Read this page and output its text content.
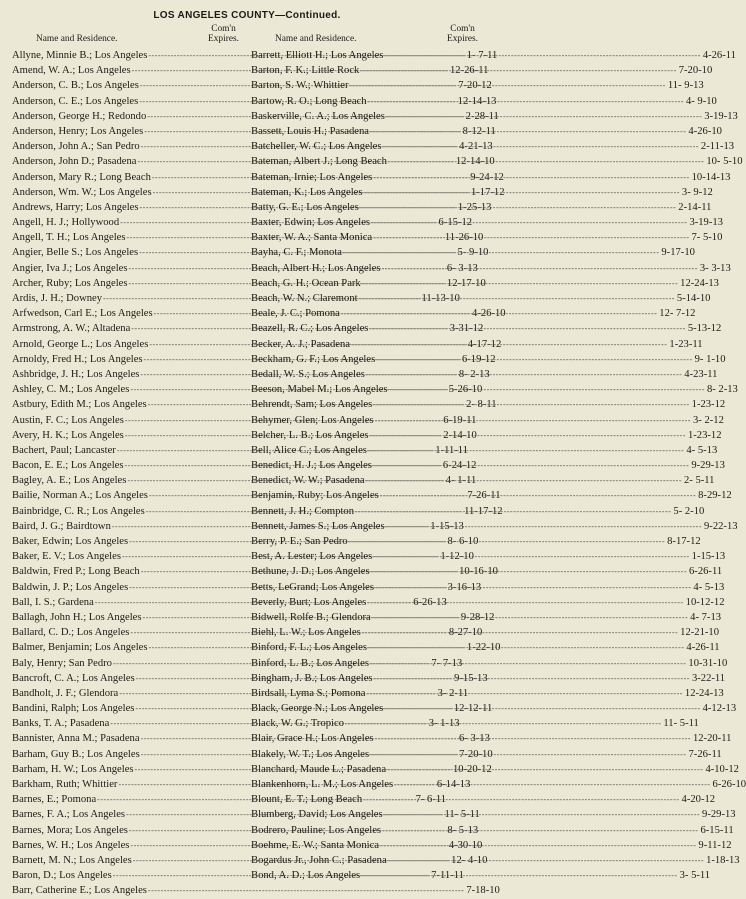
LOS ANGELES COUNTY—Continued.
Name and Residence.
Com'n
Expires.
Allyne, Minnie B.; Los Angeles -----	1- 7-11
Amend, W. A.; Los Angeles -----	12-26-11
Anderson, C. B.; Los Angeles -----	7-20-12
Anderson, C. E.; Los Angeles -----	12-14-13
Anderson, George H.; Redondo -----	2-28-11
Anderson, Henry; Los Angeles -----	8-12-11
Anderson, John A.; San Pedro -----	4-21-13
Anderson, John D.; Pasadena -----	12-14-10
Anderson, Mary R.; Long Beach -----	9-24-12
Anderson, Wm. W.; Los Angeles -----	1-17-12
Andrews, Harry; Los Angeles -----	1-25-13
Angell, H. J.; Hollywood -----	6-15-12
Angell, T. H.; Los Angeles -----	11-26-10
Angier, Belle S.; Los Angeles -----	5- 9-10
Angier, Iva J.; Los Angeles -----	6- 3-13
Archer, Ruby; Los Angeles -----	12-17-10
Ardis, J. H.; Downey -----	11-13-10
Arfwedson, Carl E.; Los Angeles -----	4-26-10
Armstrong, A. W.; Altadena -----	3-31-12
Arnold, George L.; Los Angeles -----	4-17-12
Arnoldy, Fred H.; Los Angeles -----	6-19-12
Ashbridge, J. H.; Los Angeles -----	8- 2-13
Ashley, C. M.; Los Angeles -----	5-26-10
Astbury, Edith M.; Los Angeles -----	2- 8-11
Austin, F. C.; Los Angeles -----	6-19-11
Avery, H. K.; Los Angeles -----	2-14-10
Bachert, Paul; Lancaster -----	1-11-11
Bacon, E. E.; Los Angeles -----	6-24-12
Bagley, A. E.; Los Angeles -----	4- 1-11
Bailie, Norman A.; Los Angeles -----	7-26-11
Bainbridge, C. R.; Los Angeles -----	11-17-12
Baird, J. G.; Bairdtown -----	1-15-13
Baker, Edwin; Los Angeles -----	8- 6-10
Baker, E. V.; Los Angeles -----	1-12-10
Baldwin, Fred P.; Long Beach -----	10-16-10
Baldwin, J. P.; Los Angeles -----	3-16-13
Ball, I. S.; Gardena -----	6-26-13
Ballagh, John H.; Los Angeles -----	9-28-12
Ballard, C. D.; Los Angeles -----	8-27-10
Balmer, Benjamin; Los Angeles -----	1-22-10
Baly, Henry; San Pedro -----	7- 7-13
Bancroft, C. A.; Los Angeles -----	9-15-13
Bandholt, J. F.; Glendora -----	3- 2-11
Bandini, Ralph; Los Angeles -----	12-12-11
Banks, T. A.; Pasadena -----	3- 1-13
Bannister, Anna M.; Pasadena -----	6- 3-13
Barham, Guy B.; Los Angeles -----	7-20-10
Barham, H. W.; Los Angeles -----	10-20-12
Barkham, Ruth; Whittier -----	6-14-13
Barnes, E.; Pomona -----	7- 6-11
Barnes, F. A.; Los Angeles -----	11- 5-11
Barnes, Mora; Los Angeles -----	8- 5-13
Barnes, W. H.; Los Angeles -----	4-30-10
Barnett, M. N.; Los Angeles -----	12- 4-10
Baron, D.; Los Angeles -----	7-11-11
Barr, Catherine E.; Los Angeles -----	7-18-10
Name and Residence.
Com'n
Expires.
Barrett, Elliott H.; Los Angeles -----	4-26-11
Barton, F. K.; Little Rock -----	7-20-10
Barton, S. W.; Whittier -----	11- 9-13
Bartow, R. O.; Long Beach -----	4- 9-10
Baskerville, C. A.; Los Angeles -----	3-19-13
Bassett, Louis H.; Pasadena -----	4-26-10
Batcheller, W. C.; Los Angeles -----	2-11-13
Bateman, Albert J.; Long Beach -----	10- 5-10
Bateman, Irnie; Los Angeles -----	10-14-13
Bateman, K.; Los Angeles -----	3- 9-12
Batty, G. E.; Los Angeles -----	2-14-11
Baxter, Edwin; Los Angeles -----	3-19-13
Baxter, W. A.; Santa Monica -----	7- 5-10
Bayha, C. F.; Monota -----	9-17-10
Beach, Albert H.; Los Angeles -----	3- 3-13
Beach, G. H.; Ocean Park -----	12-24-13
Beach, W. N.; Claremont -----	5-14-10
Beale, J. C.; Pomona -----	12- 7-12
Beazell, R. C.; Los Angeles -----	5-13-12
Becker, A. J.; Pasadena -----	1-23-11
Beckham, G. F.; Los Angeles -----	9- 1-10
Bedall, W. S.; Los Angeles -----	4-23-11
Beeson, Mabel M.; Los Angeles -----	8- 2-13
Behrendt, Sam; Los Angeles -----	1-23-12
Behymer, Glen; Los Angeles -----	3- 2-12
Belcher, L. B.; Los Angeles -----	1-23-12
Bell, Alice C.; Los Angeles -----	4- 5-13
Benedict, H. J.; Los Angeles -----	9-29-13
Benedict, W. W.; Pasadena -----	2- 5-11
Benjamin, Ruby; Los Angeles -----	8-29-12
Bennett, J. H.; Compton -----	5- 2-10
Bennett, James S.; Los Angeles -----	9-22-13
Berry, P. E.; San Pedro -----	8-17-12
Best, A. Lester; Los Angeles -----	1-15-13
Bethune, J. D.; Los Angeles -----	6-26-11
Betts, LeGrand; Los Angeles -----	4- 5-13
Beverly, Burt; Los Angeles -----	10-12-12
Bidwell, Rolfe B.; Glendora -----	4- 7-13
Biehl, L. W.; Los Angeles -----	12-21-10
Binford, F. L.; Los Angeles -----	4-26-11
Binford, L. B.; Los Angeles -----	10-31-10
Bingham, J. B.; Los Angeles -----	3-22-11
Birdsall, Lyma S.; Pomona -----	12-24-13
Black, George N.; Los Angeles -----	4-12-13
Black, W. G.; Tropico -----	11- 5-11
Blair, Grace H.; Los Angeles -----	12-20-11
Blakely, W. T.; Los Angeles -----	7-26-11
Blanchard, Maude L.; Pasadena -----	4-10-12
Blankenhorn, L. M.; Los Angeles -----	6-26-10
Blount, E. T.; Long Beach -----	4-20-12
Blumberg, David; Los Angeles -----	9-29-13
Bodrero, Pauline; Los Angeles -----	6-15-11
Boehme, E. W.; Santa Monica -----	9-11-12
Bogardus Jr., John C.; Pasadena -----	1-18-13
Bond, A. D.; Los Angeles -----	3- 5-11
